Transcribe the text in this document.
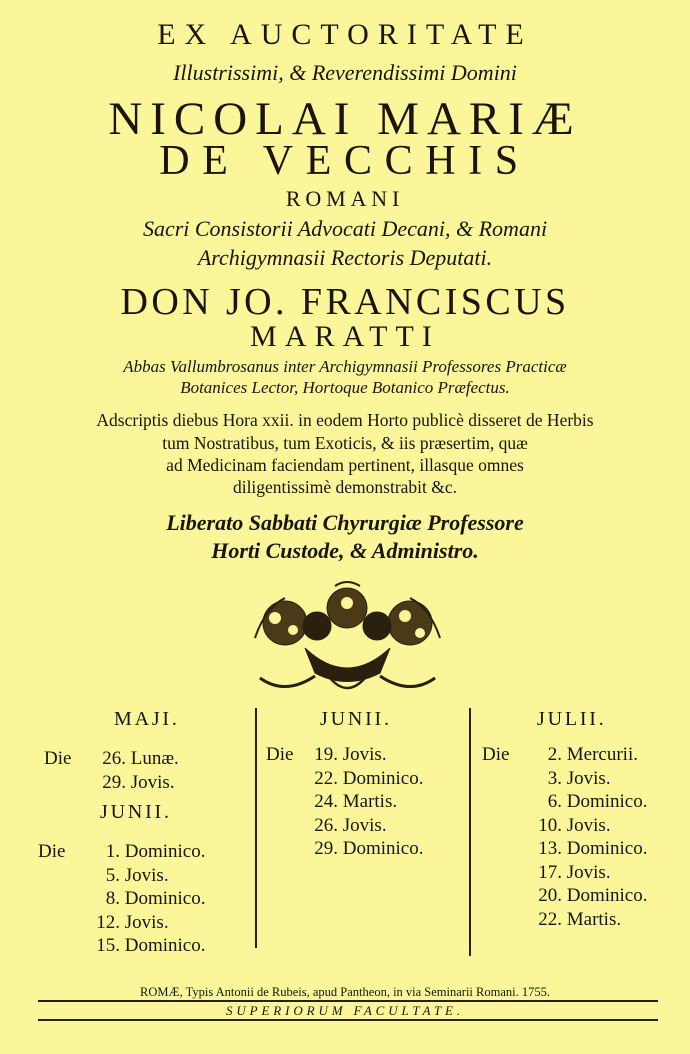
EX AUCTORITATE
Illustrissimi, & Reverendissimi Domini
NICOLAI MARIÆ
DE VECCHIS
ROMANI
Sacri Consistorii Advocati Decani, & Romani
Archigymnasii Rectoris Deputati.
DON JO. FRANCISCUS
MARATTI
Abbas Vallumbrosanus inter Archigymnasii Professores Practicæ
Botanices Lector, Hortoque Botanico Præfectus.
Adscriptis diebus Hora xxii. in eodem Horto publicè disseret de Herbis
tum Nostratibus, tum Exoticis, & iis præsertim, quæ
ad Medicinam faciendam pertinent, illasque omnes
diligentissimè demonstrabit &c.
Liberato Sabbati Chyrurgiæ Professore
Horti Custode, & Administro.
MAJI.
Die 26. Lunæ.
29. Jovis.
JUNII.
Die 1. Dominico.
5. Jovis.
8. Dominico.
12. Jovis.
15. Dominico.
JUNII.
Die 19. Jovis.
22. Dominico.
24. Martis.
26. Jovis.
29. Dominico.
JULII.
Die 2. Mercurii.
3. Jovis.
6. Dominico.
10. Jovis.
13. Dominico.
17. Jovis.
20. Dominico.
22. Martis.
ROMÆ, Typis Antonii de Rubeis, apud Pantheon, in via Seminarii Romani. 1755.
SUPERIORUM FACULTATE.
